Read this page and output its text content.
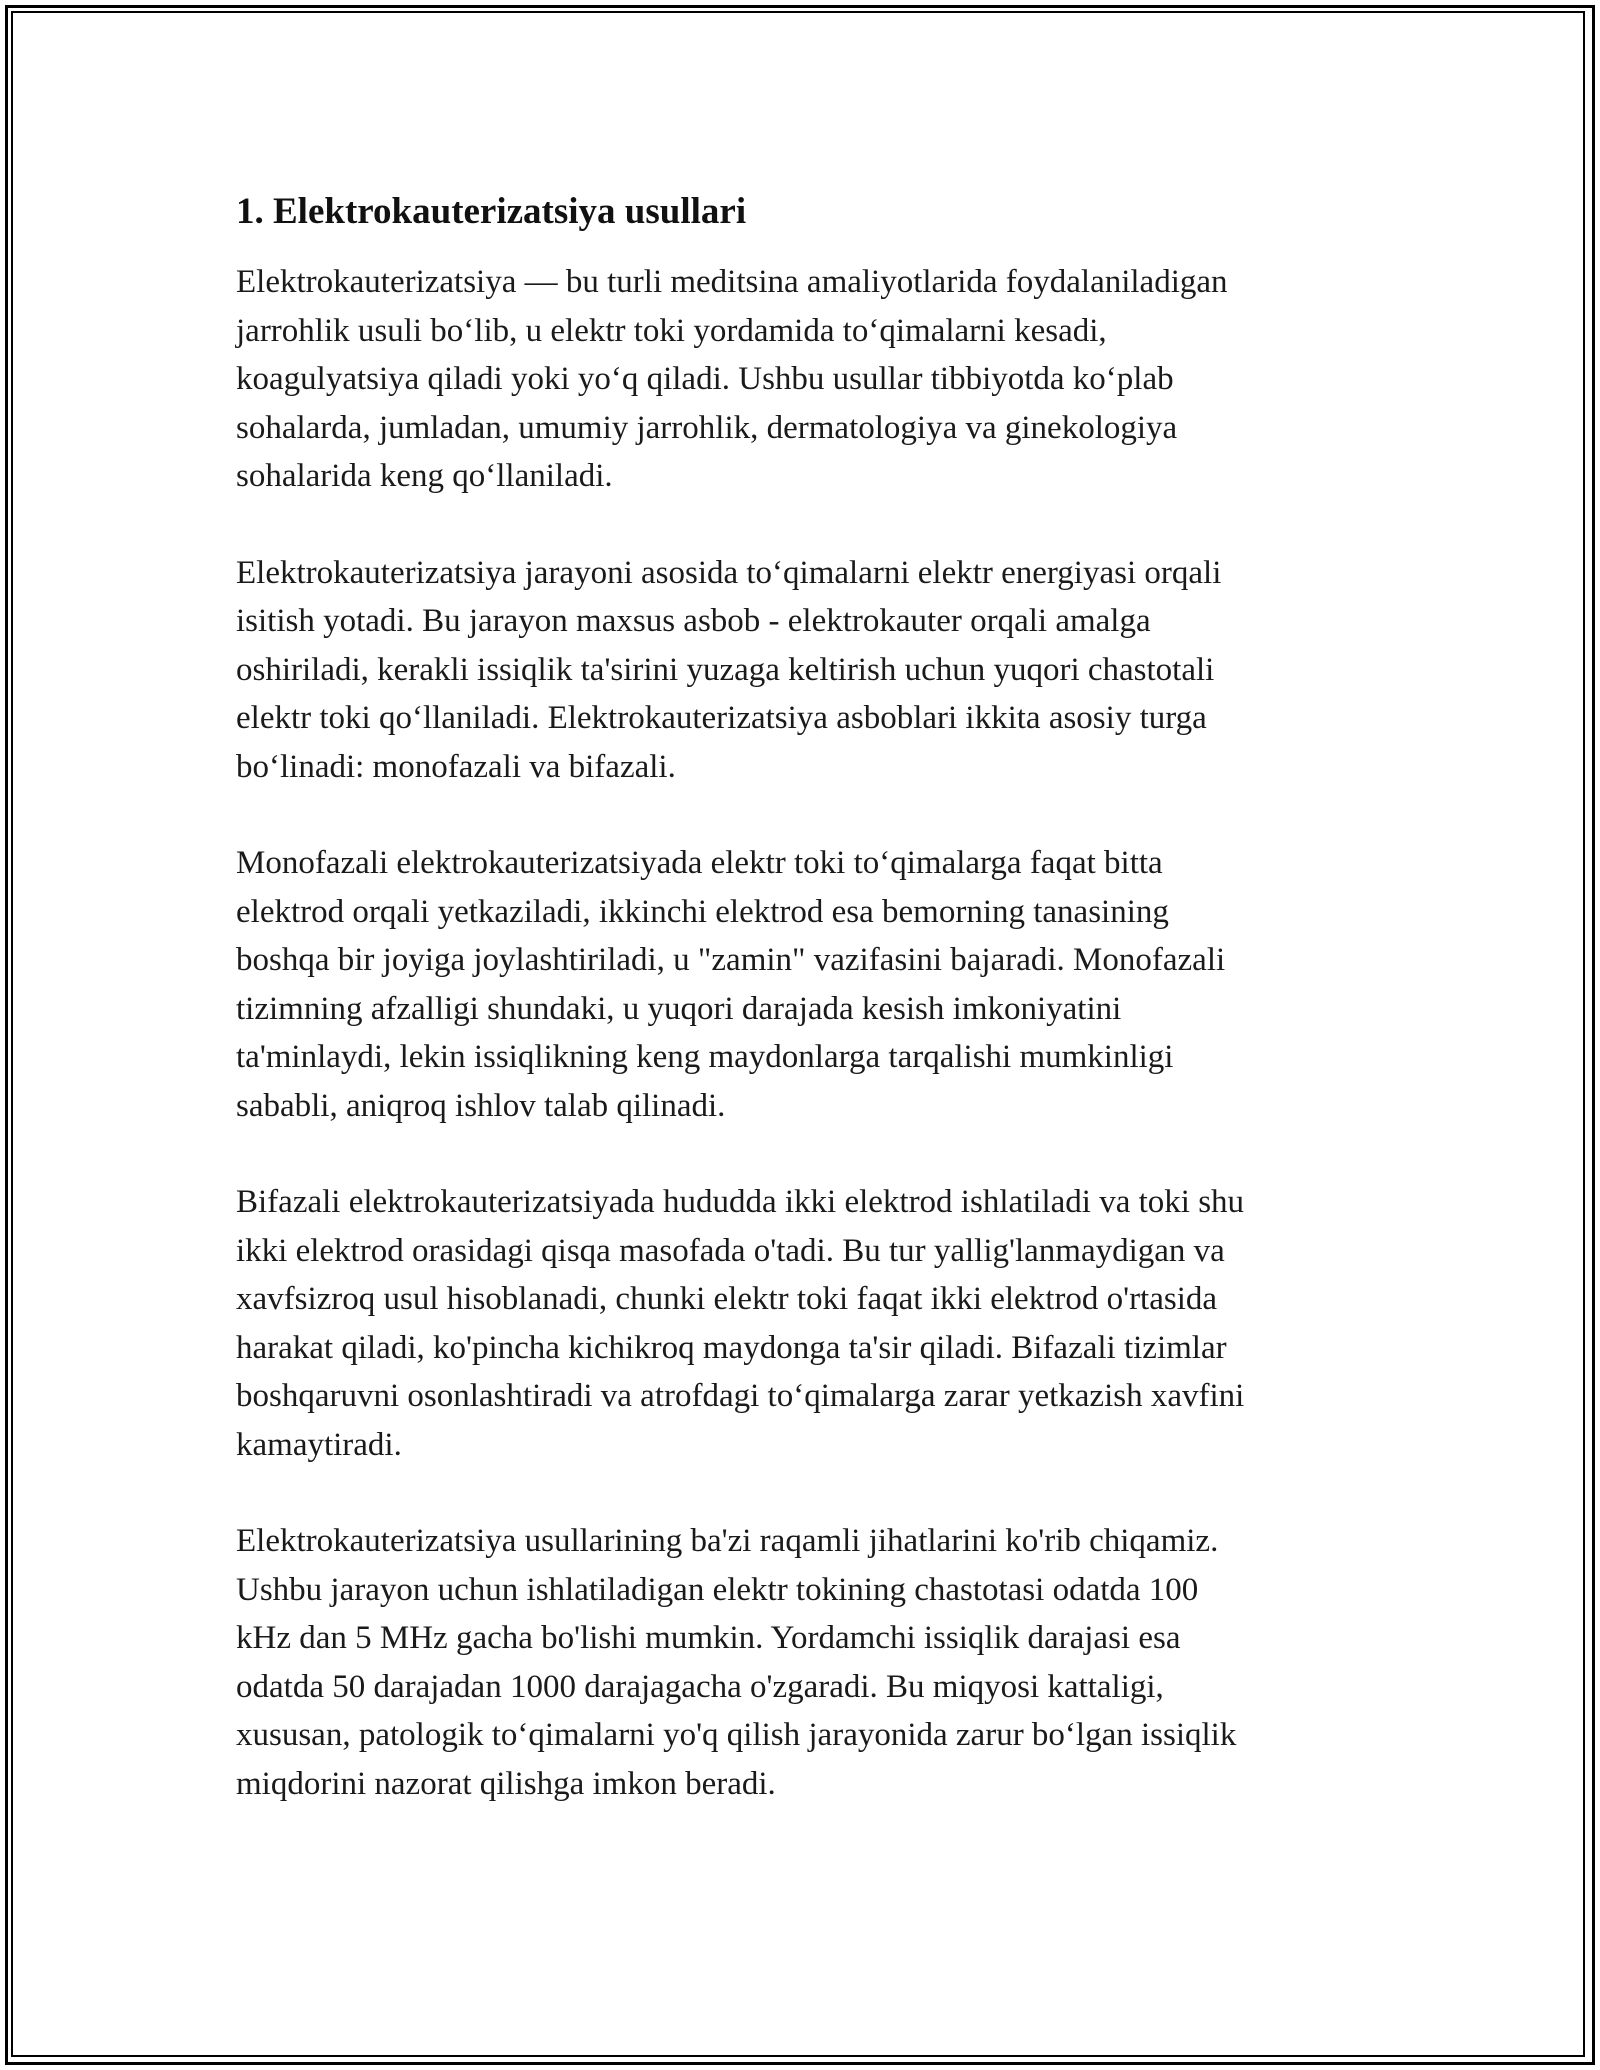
1. Elektrokauterizatsiya usullari

Elektrokauterizatsiya — bu turli meditsina amaliyotlarida foydalaniladigan
jarrohlik usuli bo‘lib, u elektr toki yordamida to‘qimalarni kesadi,
koagulyatsiya qiladi yoki yo‘q qiladi. Ushbu usullar tibbiyotda ko‘plab
sohalarda, jumladan, umumiy jarrohlik, dermatologiya va ginekologiya
sohalarida keng qo‘llaniladi.

Elektrokauterizatsiya jarayoni asosida to‘qimalarni elektr energiyasi orqali
isitish yotadi. Bu jarayon maxsus asbob - elektrokauter orqali amalga
oshiriladi, kerakli issiqlik ta'sirini yuzaga keltirish uchun yuqori chastotali
elektr toki qo‘llaniladi. Elektrokauterizatsiya asboblari ikkita asosiy turga
bo‘linadi: monofazali va bifazali.

Monofazali elektrokauterizatsiyada elektr toki to‘qimalarga faqat bitta
elektrod orqali yetkaziladi, ikkinchi elektrod esa bemorning tanasining
boshqa bir joyiga joylashtiriladi, u "zamin" vazifasini bajaradi. Monofazali
tizimning afzalligi shundaki, u yuqori darajada kesish imkoniyatini
ta'minlaydi, lekin issiqlikning keng maydonlarga tarqalishi mumkinligi
sababli, aniqroq ishlov talab qilinadi.

Bifazali elektrokauterizatsiyada hududda ikki elektrod ishlatiladi va toki shu
ikki elektrod orasidagi qisqa masofada o'tadi. Bu tur yallig'lanmaydigan va
xavfsizroq usul hisoblanadi, chunki elektr toki faqat ikki elektrod o'rtasida
harakat qiladi, ko'pincha kichikroq maydonga ta'sir qiladi. Bifazali tizimlar
boshqaruvni osonlashtiradi va atrofdagi to‘qimalarga zarar yetkazish xavfini
kamaytiradi.

Elektrokauterizatsiya usullarining ba'zi raqamli jihatlarini ko'rib chiqamiz.
Ushbu jarayon uchun ishlatiladigan elektr tokining chastotasi odatda 100
kHz dan 5 MHz gacha bo'lishi mumkin. Yordamchi issiqlik darajasi esa
odatda 50 darajadan 1000 darajagacha o'zgaradi. Bu miqyosi kattaligi,
xususan, patologik to‘qimalarni yo'q qilish jarayonida zarur bo‘lgan issiqlik
miqdorini nazorat qilishga imkon beradi.
